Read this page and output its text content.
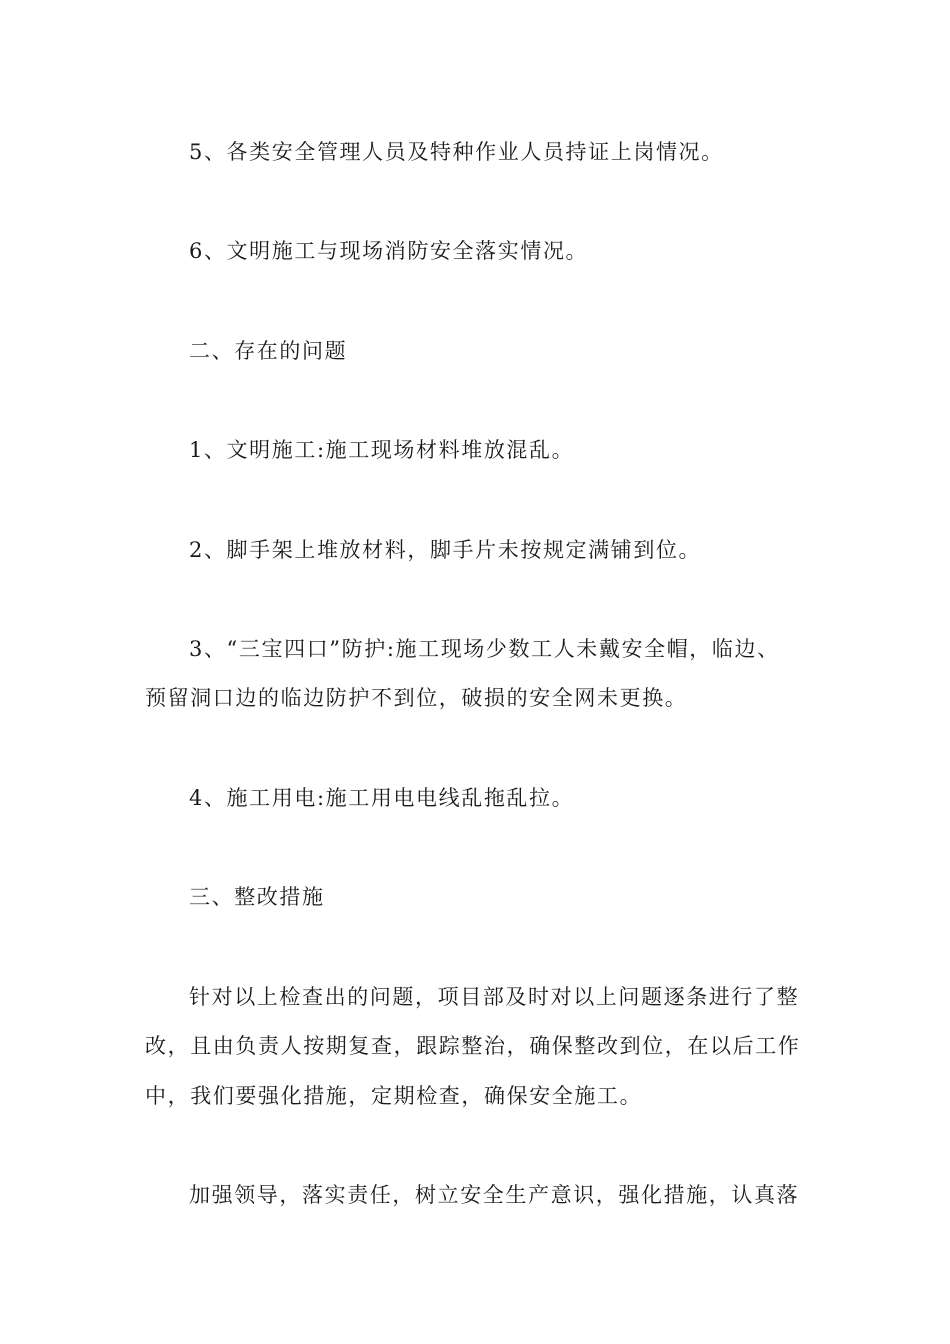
5、各类安全管理人员及特种作业人员持证上岗情况。
6、文明施工与现场消防安全落实情况。
二、存在的问题
1、文明施工:施工现场材料堆放混乱。
2、脚手架上堆放材料，脚手片未按规定满铺到位。
3、“三宝四口”防护:施工现场少数工人未戴安全帽，临边、
预留洞口边的临边防护不到位，破损的安全网未更换。
4、施工用电:施工用电电线乱拖乱拉。
三、整改措施
针对以上检查出的问题，项目部及时对以上问题逐条进行了整
改，且由负责人按期复查，跟踪整治，确保整改到位，在以后工作
中，我们要强化措施，定期检查，确保安全施工。
加强领导，落实责任，树立安全生产意识，强化措施，认真落
